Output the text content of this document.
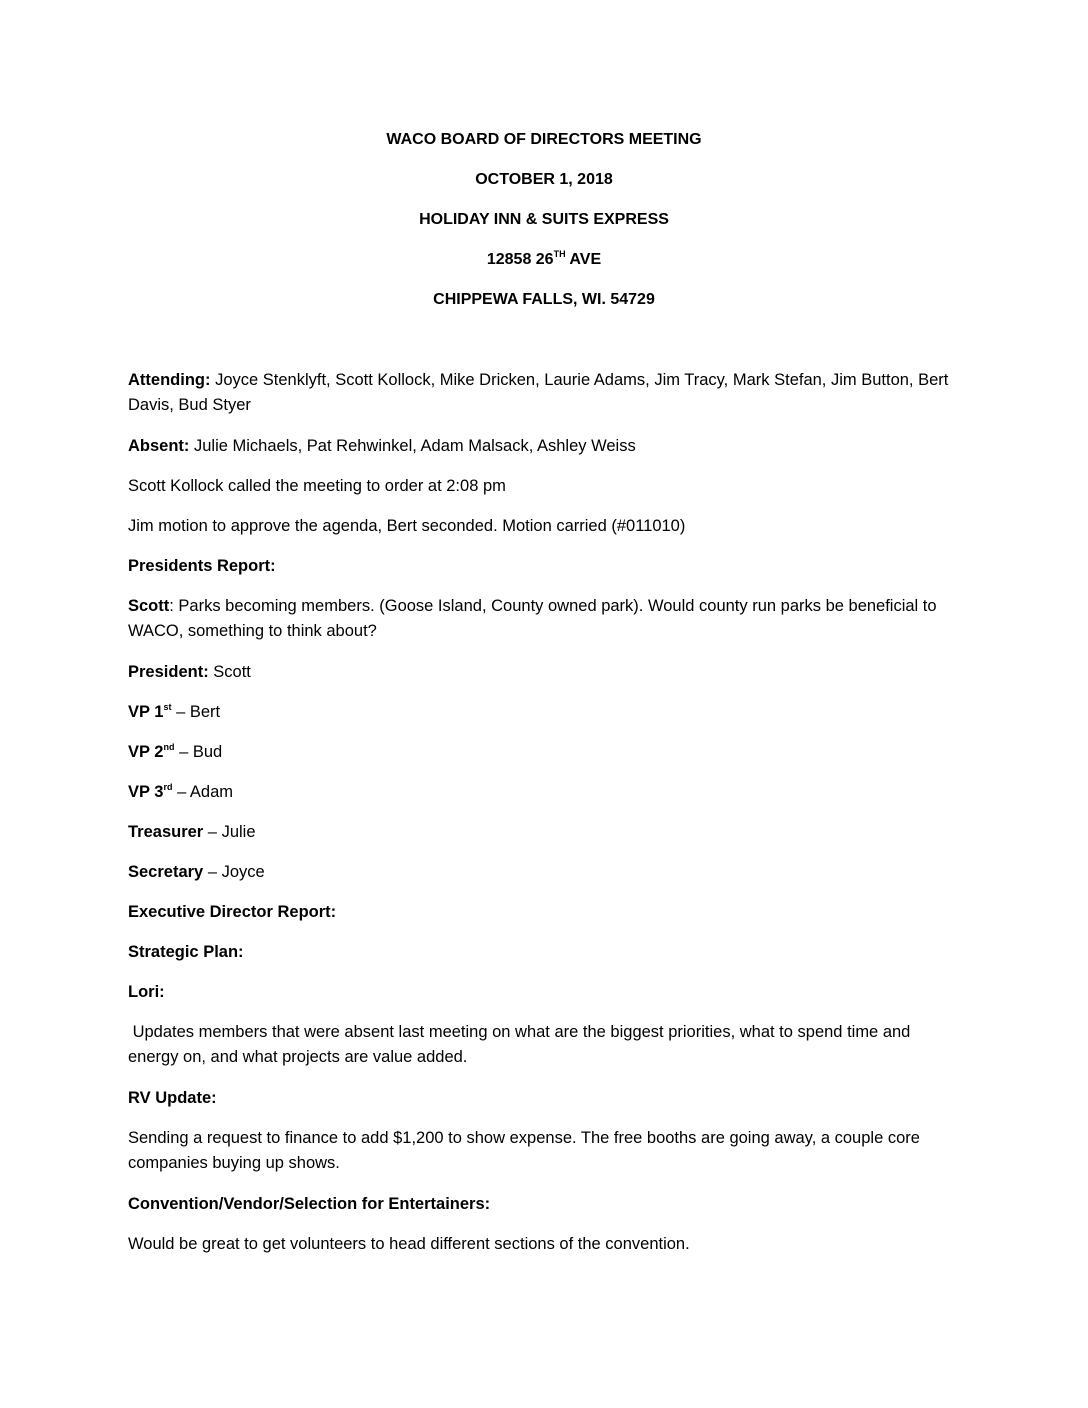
WACO BOARD OF DIRECTORS MEETING
OCTOBER 1, 2018
HOLIDAY INN & SUITS EXPRESS
12858 26TH AVE
CHIPPEWA FALLS, WI. 54729
Attending: Joyce Stenklyft, Scott Kollock, Mike Dricken, Laurie Adams, Jim Tracy, Mark Stefan, Jim Button, Bert Davis, Bud Styer
Absent: Julie Michaels, Pat Rehwinkel, Adam Malsack, Ashley Weiss
Scott Kollock called the meeting to order at 2:08 pm
Jim motion to approve the agenda, Bert seconded. Motion carried (#011010)
Presidents Report:
Scott: Parks becoming members. (Goose Island, County owned park). Would county run parks be beneficial to WACO, something to think about?
President: Scott
VP 1st – Bert
VP 2nd – Bud
VP 3rd – Adam
Treasurer – Julie
Secretary – Joyce
Executive Director Report:
Strategic Plan:
Lori:
Updates members that were absent last meeting on what are the biggest priorities, what to spend time and energy on, and what projects are value added.
RV Update:
Sending a request to finance to add $1,200 to show expense. The free booths are going away, a couple core companies buying up shows.
Convention/Vendor/Selection for Entertainers:
Would be great to get volunteers to head different sections of the convention.
